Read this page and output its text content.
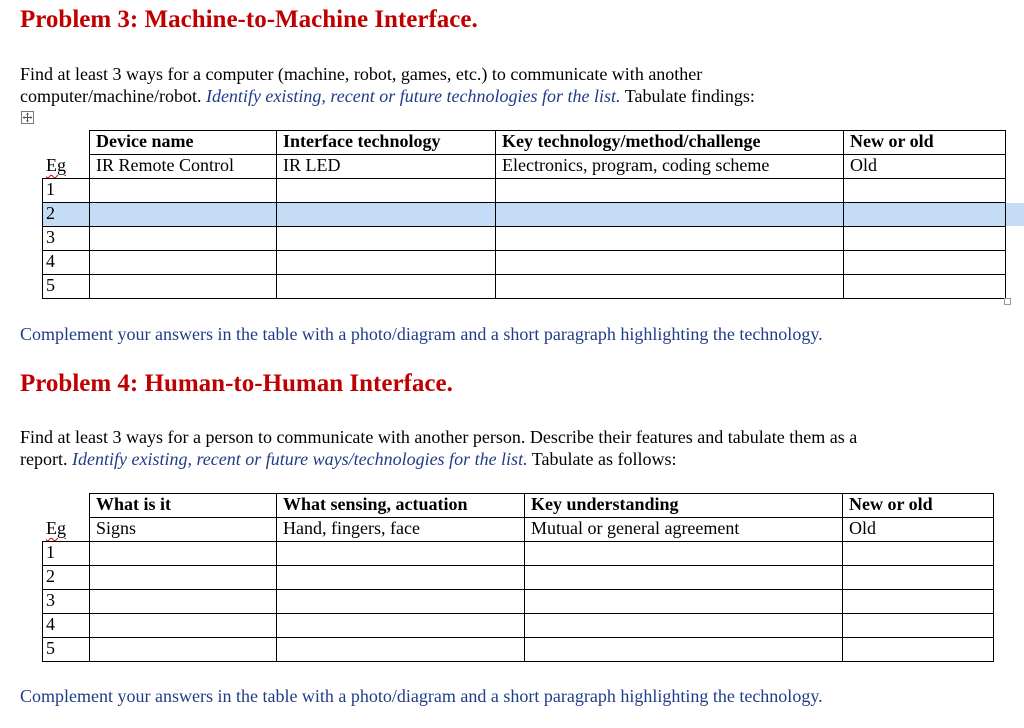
Problem 3: Machine-to-Machine Interface.
Find at least 3 ways for a computer (machine, robot, games, etc.) to communicate with another
computer/machine/robot. Identify existing, recent or future technologies for the list. Tabulate findings:
	Device name	Interface technology	Key technology/method/challenge	New or old
Eg	IR Remote Control	IR LED	Electronics, program, coding scheme	Old
1				
2				
3				
4				
5				
Complement your answers in the table with a photo/diagram and a short paragraph highlighting the technology.
Problem 4: Human-to-Human Interface.
Find at least 3 ways for a person to communicate with another person. Describe their features and tabulate them as a
report. Identify existing, recent or future ways/technologies for the list. Tabulate as follows:
	What is it	What sensing, actuation	Key understanding	New or old
Eg	Signs	Hand, fingers, face	Mutual or general agreement	Old
1				
2				
3				
4				
5				
Complement your answers in the table with a photo/diagram and a short paragraph highlighting the technology.
